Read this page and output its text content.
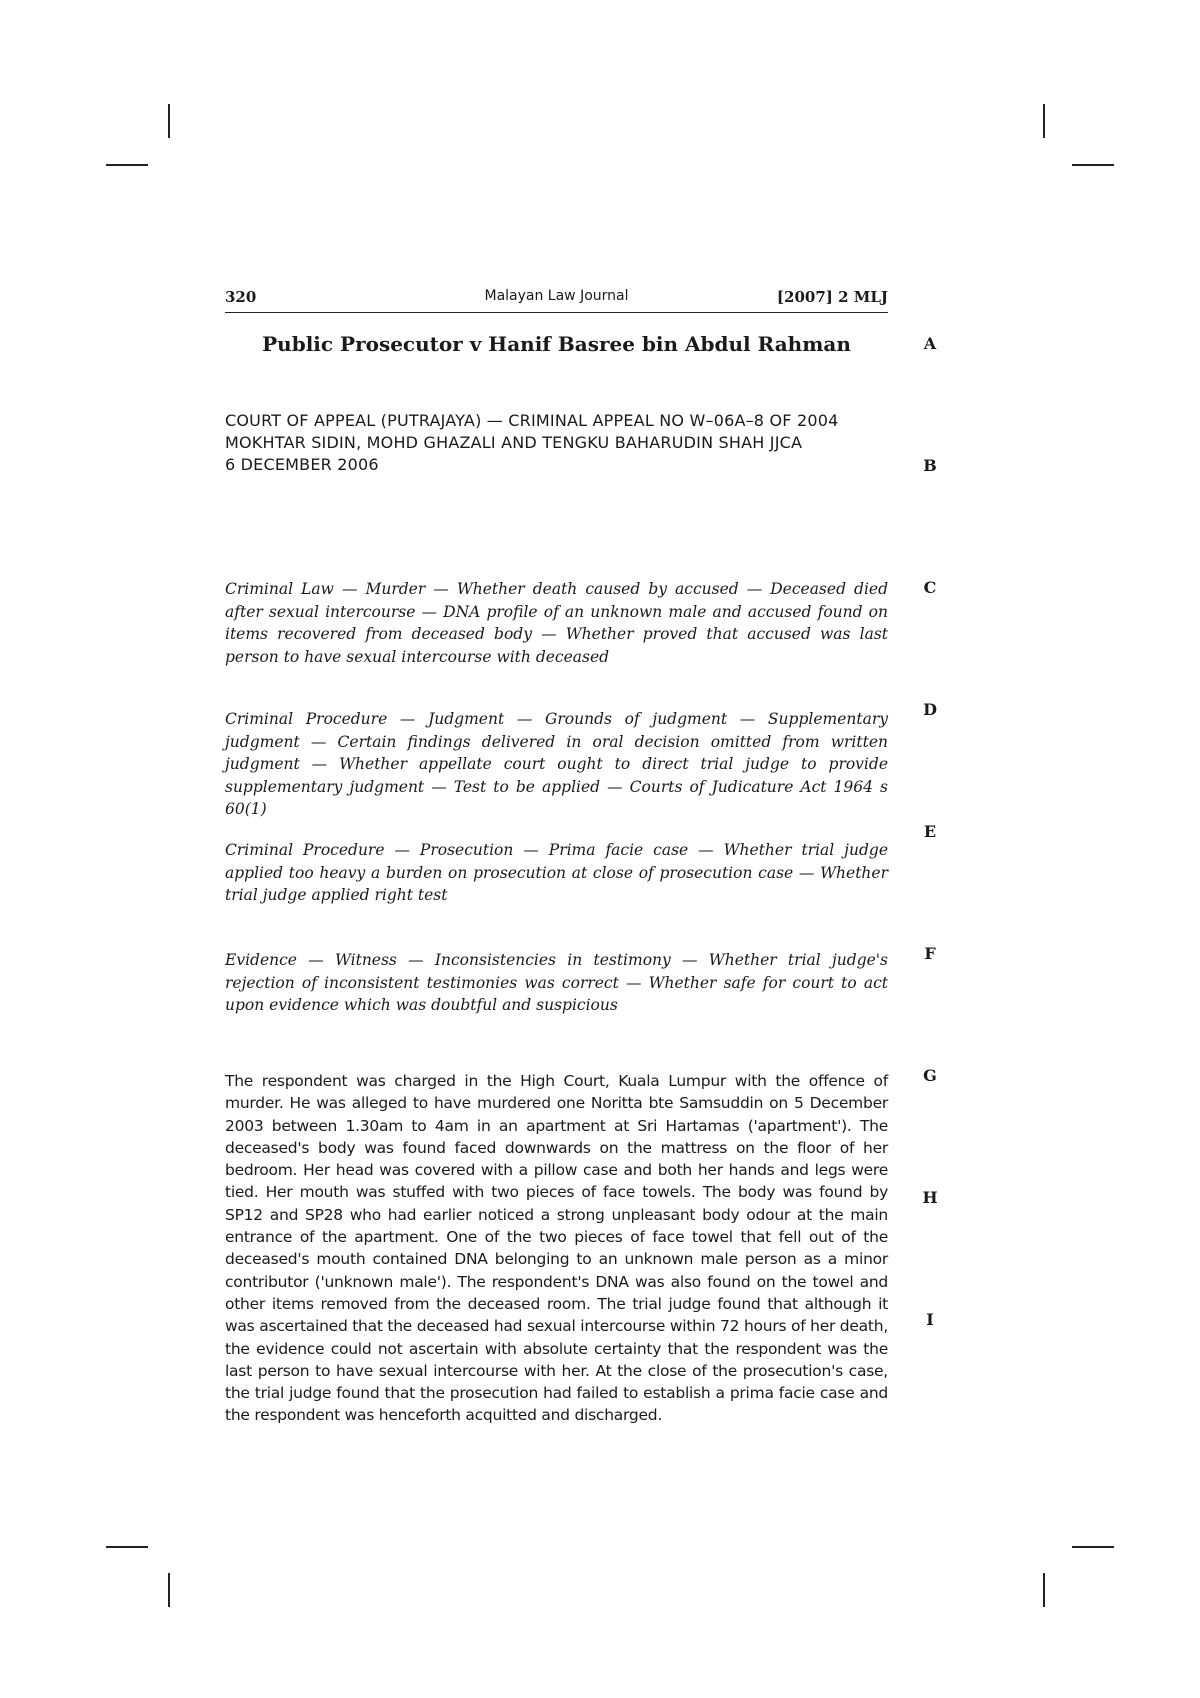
320	Malayan Law Journal	[2007] 2 MLJ
Public Prosecutor v Hanif Basree bin Abdul Rahman

COURT OF APPEAL (PUTRAJAYA) — CRIMINAL APPEAL NO W–06A–8 OF 2004

MOKHTAR SIDIN, MOHD GHAZALI AND TENGKU BAHARUDIN SHAH JJCA

6 DECEMBER 2006

Criminal Law — Murder — Whether death caused by accused — Deceased died after sexual intercourse — DNA profile of an unknown male and accused found on items recovered from deceased body — Whether proved that accused was last person to have sexual intercourse with deceased

Criminal Procedure — Judgment — Grounds of judgment — Supplementary judgment — Certain findings delivered in oral decision omitted from written judgment — Whether appellate court ought to direct trial judge to provide supplementary judgment — Test to be applied — Courts of Judicature Act 1964 s 60(1)

Criminal Procedure — Prosecution — Prima facie case — Whether trial judge applied too heavy a burden on prosecution at close of prosecution case — Whether trial judge applied right test

Evidence — Witness — Inconsistencies in testimony — Whether trial judge's rejection of inconsistent testimonies was correct — Whether safe for court to act upon evidence which was doubtful and suspicious

The respondent was charged in the High Court, Kuala Lumpur with the offence of murder. He was alleged to have murdered one Noritta bte Samsuddin on 5 December 2003 between 1.30am to 4am in an apartment at Sri Hartamas ('apartment'). The deceased's body was found faced downwards on the mattress on the floor of her bedroom. Her head was covered with a pillow case and both her hands and legs were tied. Her mouth was stuffed with two pieces of face towels. The body was found by SP12 and SP28 who had earlier noticed a strong unpleasant body odour at the main entrance of the apartment. One of the two pieces of face towel that fell out of the deceased's mouth contained DNA belonging to an unknown male person as a minor contributor ('unknown male'). The respondent's DNA was also found on the towel and other items removed from the deceased room. The trial judge found that although it was ascertained that the deceased had sexual intercourse within 72 hours of her death, the evidence could not ascertain with absolute certainty that the respondent was the last person to have sexual intercourse with her. At the close of the prosecution's case, the trial judge found that the prosecution had failed to establish a prima facie case and the respondent was henceforth acquitted and discharged.

A
B
C
D
E
F
G
H
I
